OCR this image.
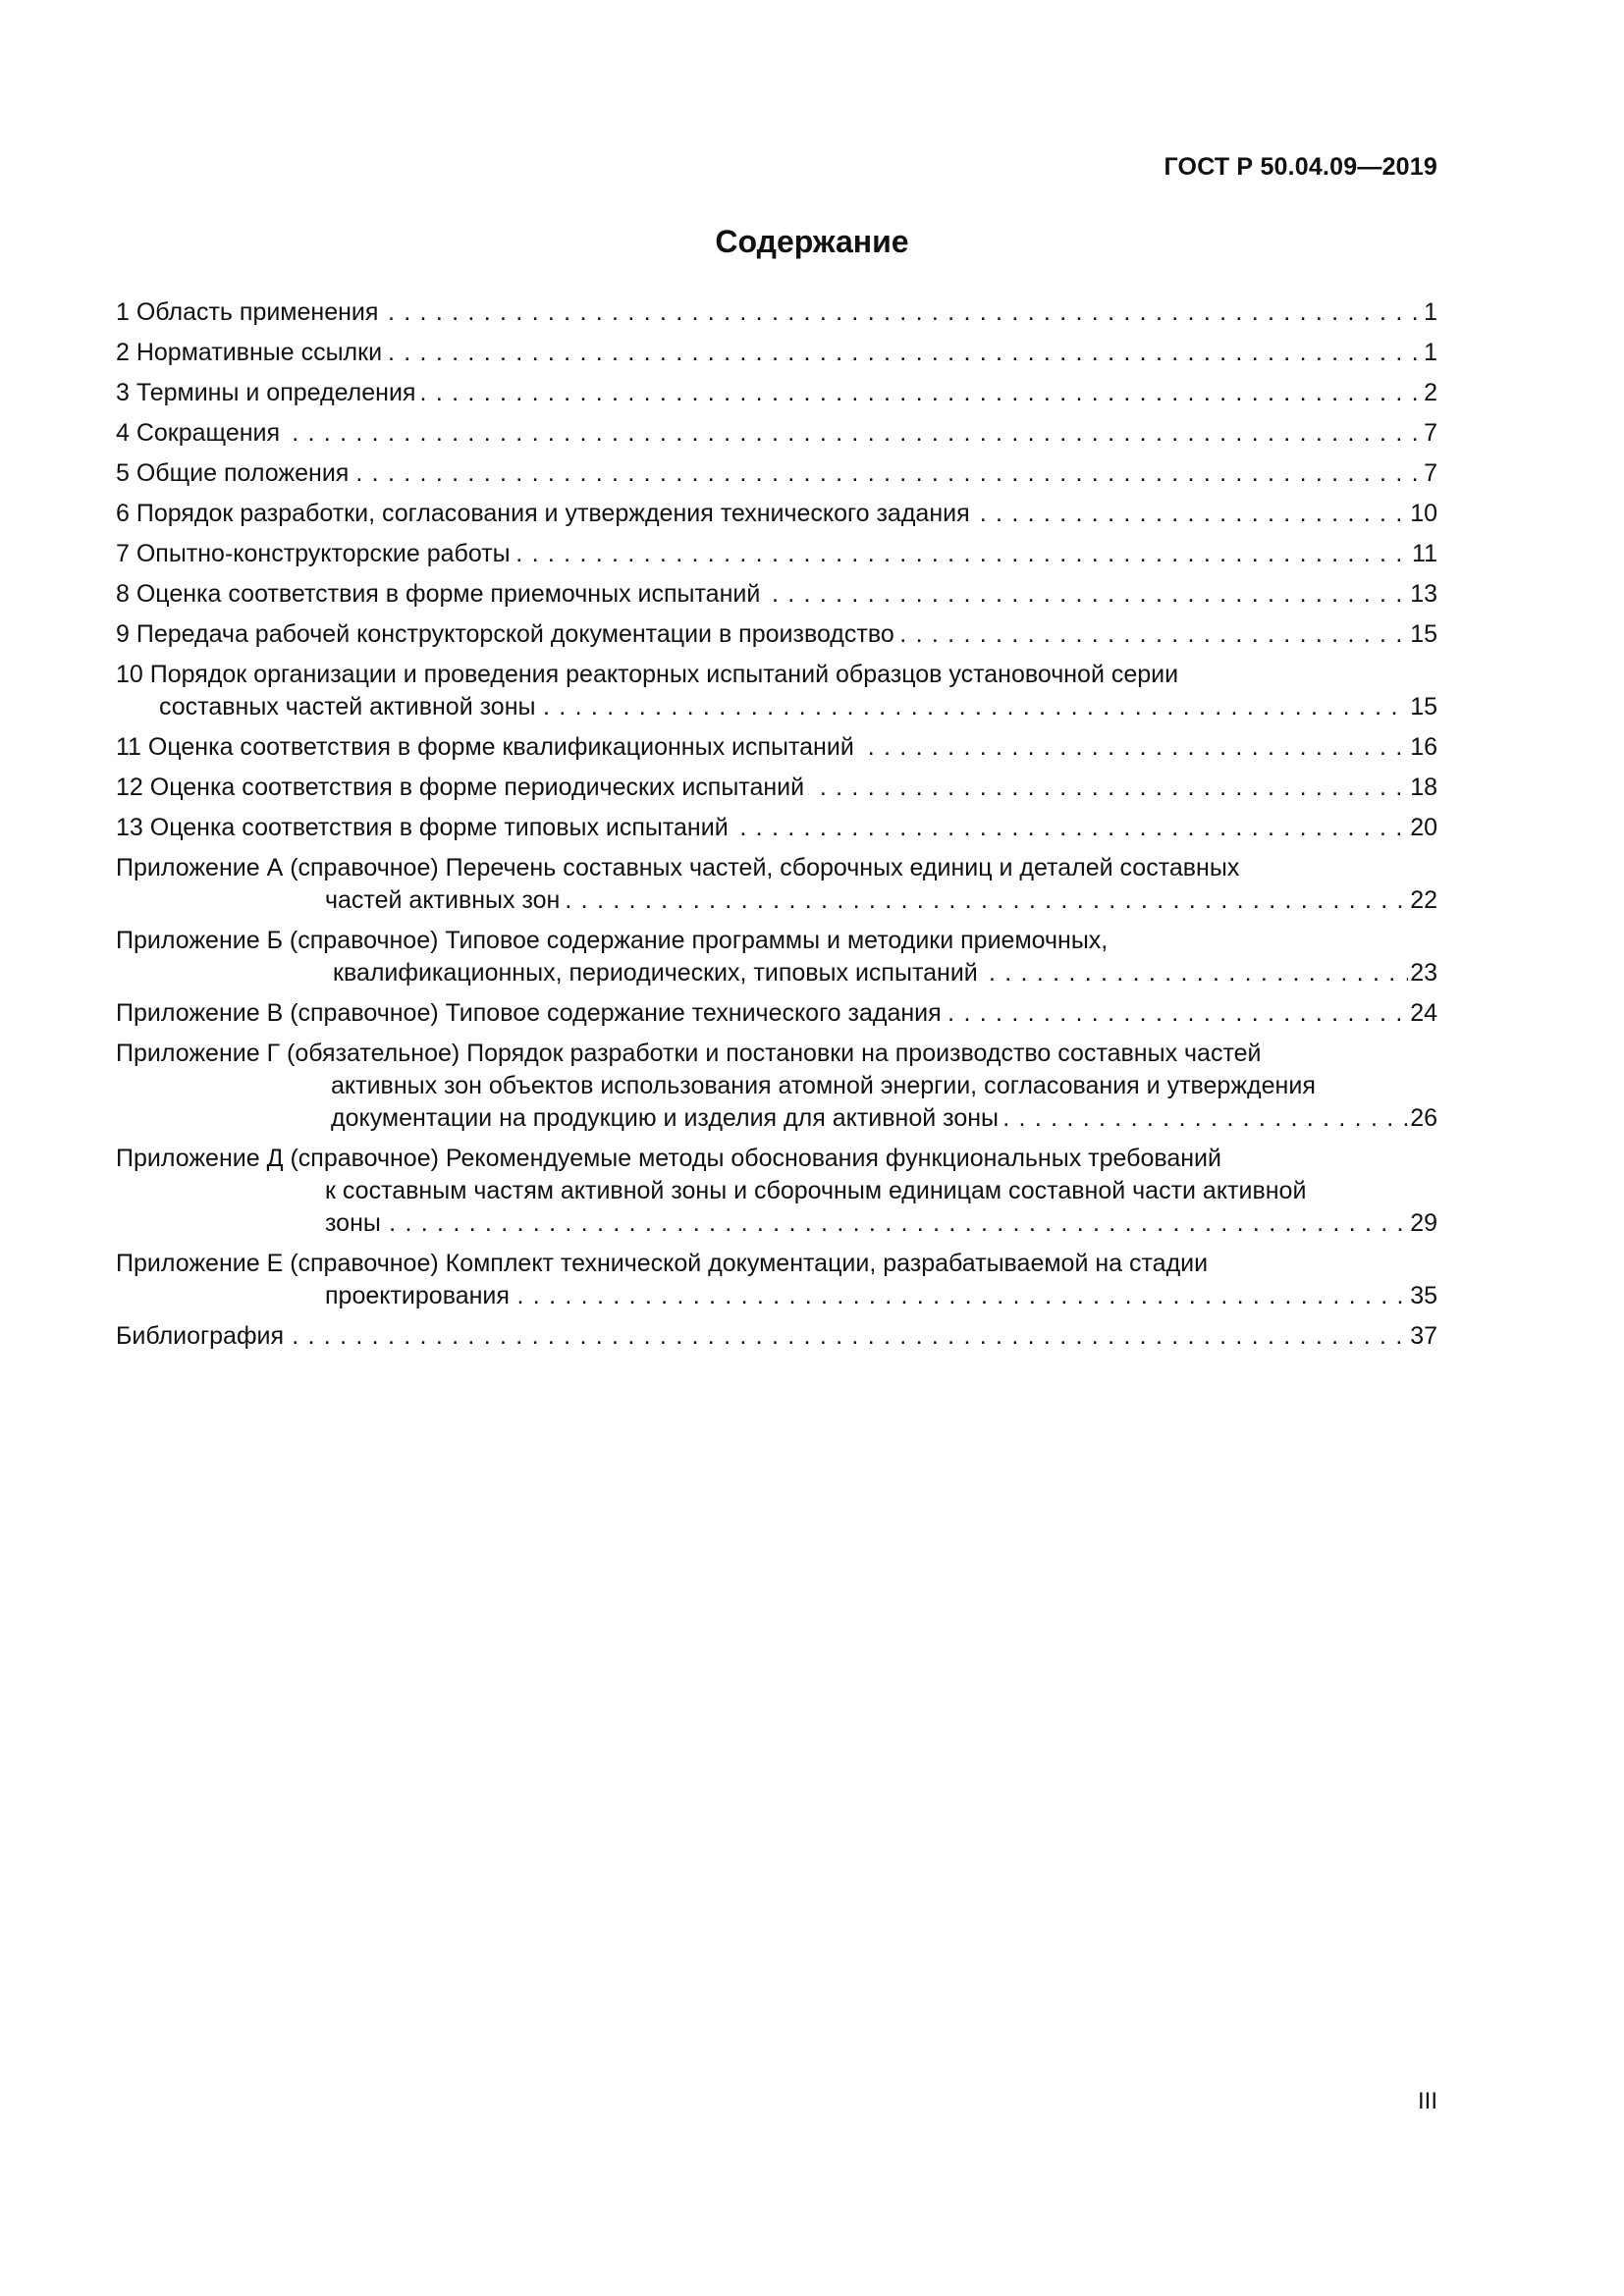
ГОСТ Р 50.04.09—2019
Содержание
1 Область применения . . .	1
2 Нормативные ссылки . . .	1
3 Термины и определения . . .	2
4 Сокращения . . .	7
5 Общие положения . . .	7
6 Порядок разработки, согласования и утверждения технического задания . . .	10
7 Опытно-конструкторские работы . . .	11
8 Оценка соответствия в форме приемочных испытаний . . .	13
9 Передача рабочей конструкторской документации в производство . . .	15
10 Порядок организации и проведения реакторных испытаний образцов установочной серии
составных частей активной зоны . . .	15
11 Оценка соответствия в форме квалификационных испытаний . . .	16
12 Оценка соответствия в форме периодических испытаний . . .	18
13 Оценка соответствия в форме типовых испытаний . . .	20
Приложение А (справочное) Перечень составных частей, сборочных единиц и деталей составных
частей активных зон . . .	22
Приложение Б (справочное) Типовое содержание программы и методики приемочных,
квалификационных, периодических, типовых испытаний . . .	23
Приложение В (справочное) Типовое содержание технического задания . . .	24
Приложение Г (обязательное) Порядок разработки и постановки на производство составных частей
активных зон объектов использования атомной энергии, согласования и утверждения
документации на продукцию и изделия для активной зоны . . .	26
Приложение Д (справочное) Рекомендуемые методы обоснования функциональных требований
к составным частям активной зоны и сборочным единицам составной части активной
зоны . . .	29
Приложение Е (справочное) Комплект технической документации, разрабатываемой на стадии
проектирования . . .	35
Библиография . . .	37
III
